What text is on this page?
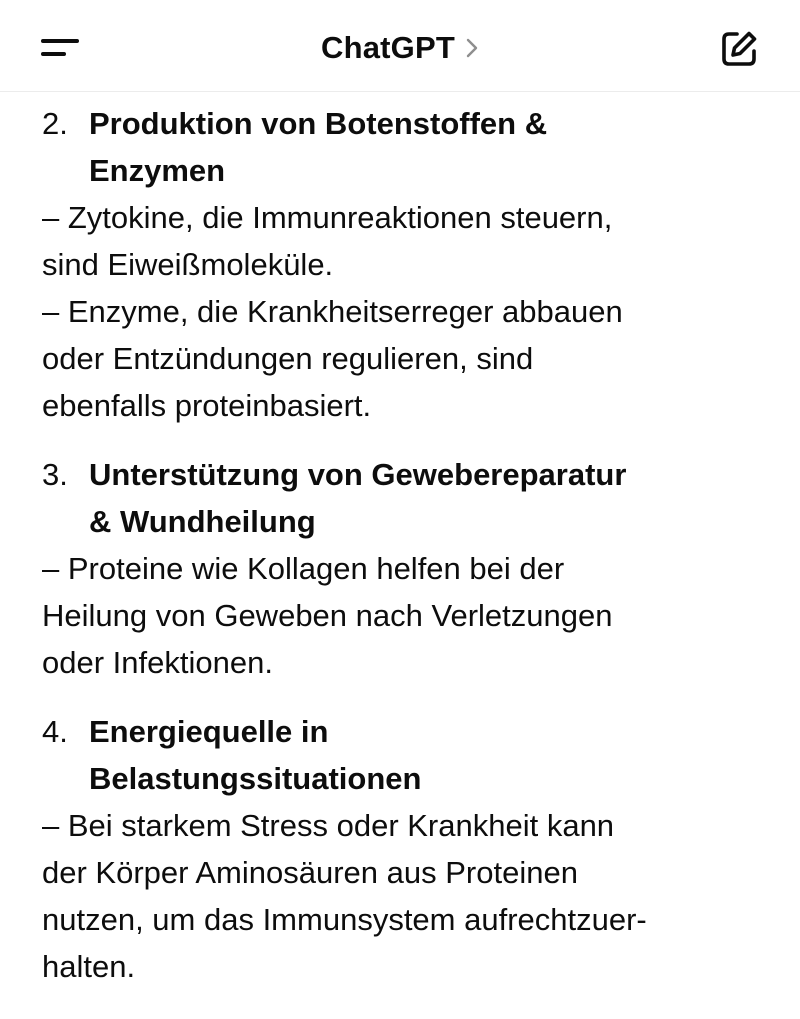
ChatGPT
2. Produktion von Botenstoffen &
Enzymen
– Zytokine, die Immunreaktionen steuern,
sind Eiweißmoleküle.
– Enzyme, die Krankheitserreger abbauen
oder Entzündungen regulieren, sind
ebenfalls proteinbasiert.
3. Unterstützung von Gewebereparatur
& Wundheilung
– Proteine wie Kollagen helfen bei der
Heilung von Geweben nach Verletzungen
oder Infektionen.
4. Energiequelle in
Belastungssituationen
– Bei starkem Stress oder Krankheit kann
der Körper Aminosäuren aus Proteinen
nutzen, um das Immunsystem aufrechtzuer-
halten.
